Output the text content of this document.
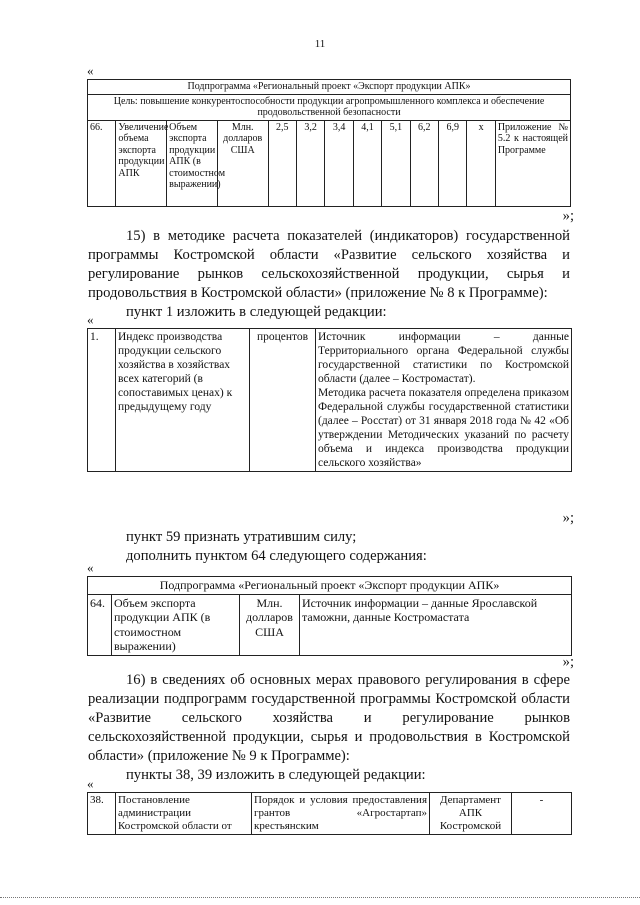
11
«
Подпрограмма «Региональный проект «Экспорт продукции АПК»
Цель: повышение конкурентоспособности продукции агропромышленного комплекса и обеспечение продовольственной безопасности
66.	Увеличение объема экспорта продукции АПК	Объем экспорта продукции АПК (в стоимостном выражении)	Млн. долларов США	2,5	3,2	3,4	4,1	5,1	6,2	6,9	х	Приложение № 5.2 к настоящей Программе
»;

15) в методике расчета показателей (индикаторов) государственной программы Костромской области «Развитие сельского хозяйства и регулирование рынков сельскохозяйственной продукции, сырья и продовольствия в Костромской области» (приложение № 8 к Программе):

пункт 1 изложить в следующей редакции:

«
1.	Индекс производства продукции сельского хозяйства в хозяйствах всех категорий (в сопоставимых ценах) к предыдущему году	процентов	Источник информации – данные Территориального органа Федеральной службы государственной статистики по Костромской области (далее – Костромастат).
Методика расчета показателя определена приказом Федеральной службы государственной статистики (далее – Росстат) от 31 января 2018 года № 42 «Об утверждении Методических указаний по расчету объема и индекса производства продукции сельского хозяйства»
»;

пункт 59 признать утратившим силу;

дополнить пунктом 64 следующего содержания:

«
Подпрограмма «Региональный проект «Экспорт продукции АПК»
64.	Объем экспорта продукции АПК (в стоимостном выражении)	Млн. долларов США	Источник информации – данные Ярославской таможни, данные Костромастата
»;

16) в сведениях об основных мерах правового регулирования в сфере реализации подпрограмм государственной программы Костромской области «Развитие сельского хозяйства и регулирование рынков сельскохозяйственной продукции, сырья и продовольствия в Костромской области» (приложение № 9 к Программе):

пункты 38, 39 изложить в следующей редакции:

«
38.	Постановление администрации Костромской области от	Порядок и условия предоставления грантов «Агростартап» крестьянским	Департамент АПК Костромской	-
